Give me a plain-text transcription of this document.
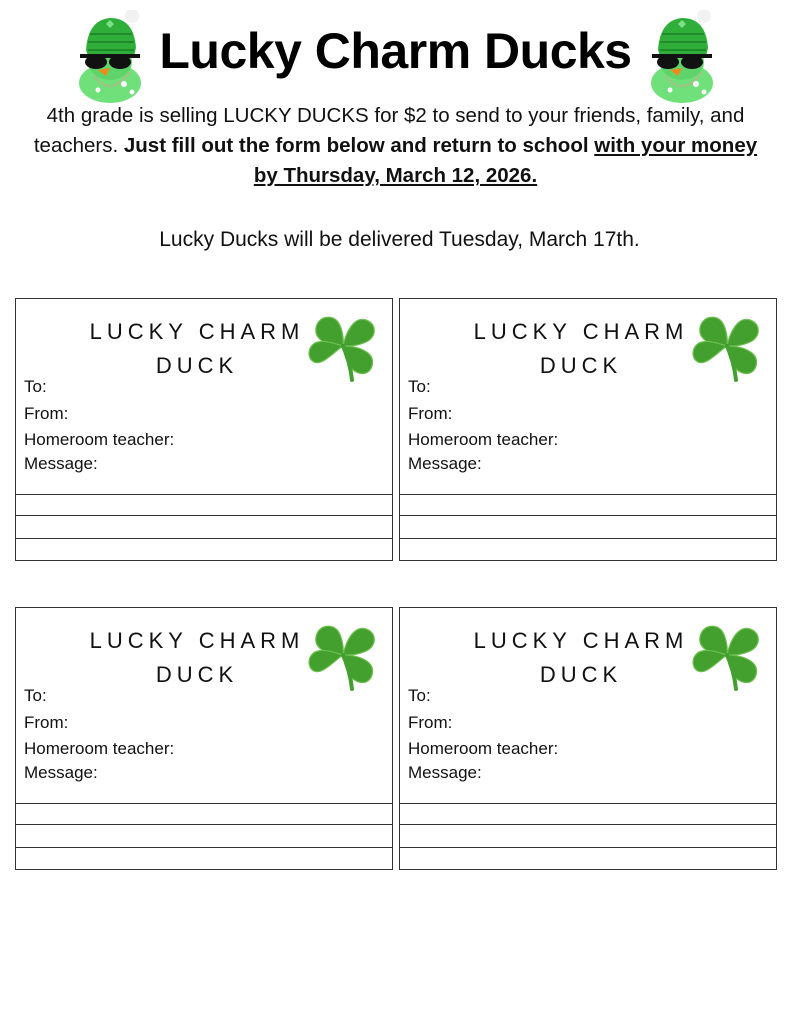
Lucky Charm Ducks
4th grade is selling LUCKY DUCKS for $2 to send to your friends, family, and teachers. Just fill out the form below and return to school with your money by Thursday, March 12, 2026.
Lucky Ducks will be delivered Tuesday, March 17th.
LUCKY CHARM DUCK
To:
From:
Homeroom teacher:
Message:
LUCKY CHARM DUCK
To:
From:
Homeroom teacher:
Message:
LUCKY CHARM DUCK
To:
From:
Homeroom teacher:
Message:
LUCKY CHARM DUCK
To:
From:
Homeroom teacher:
Message:
